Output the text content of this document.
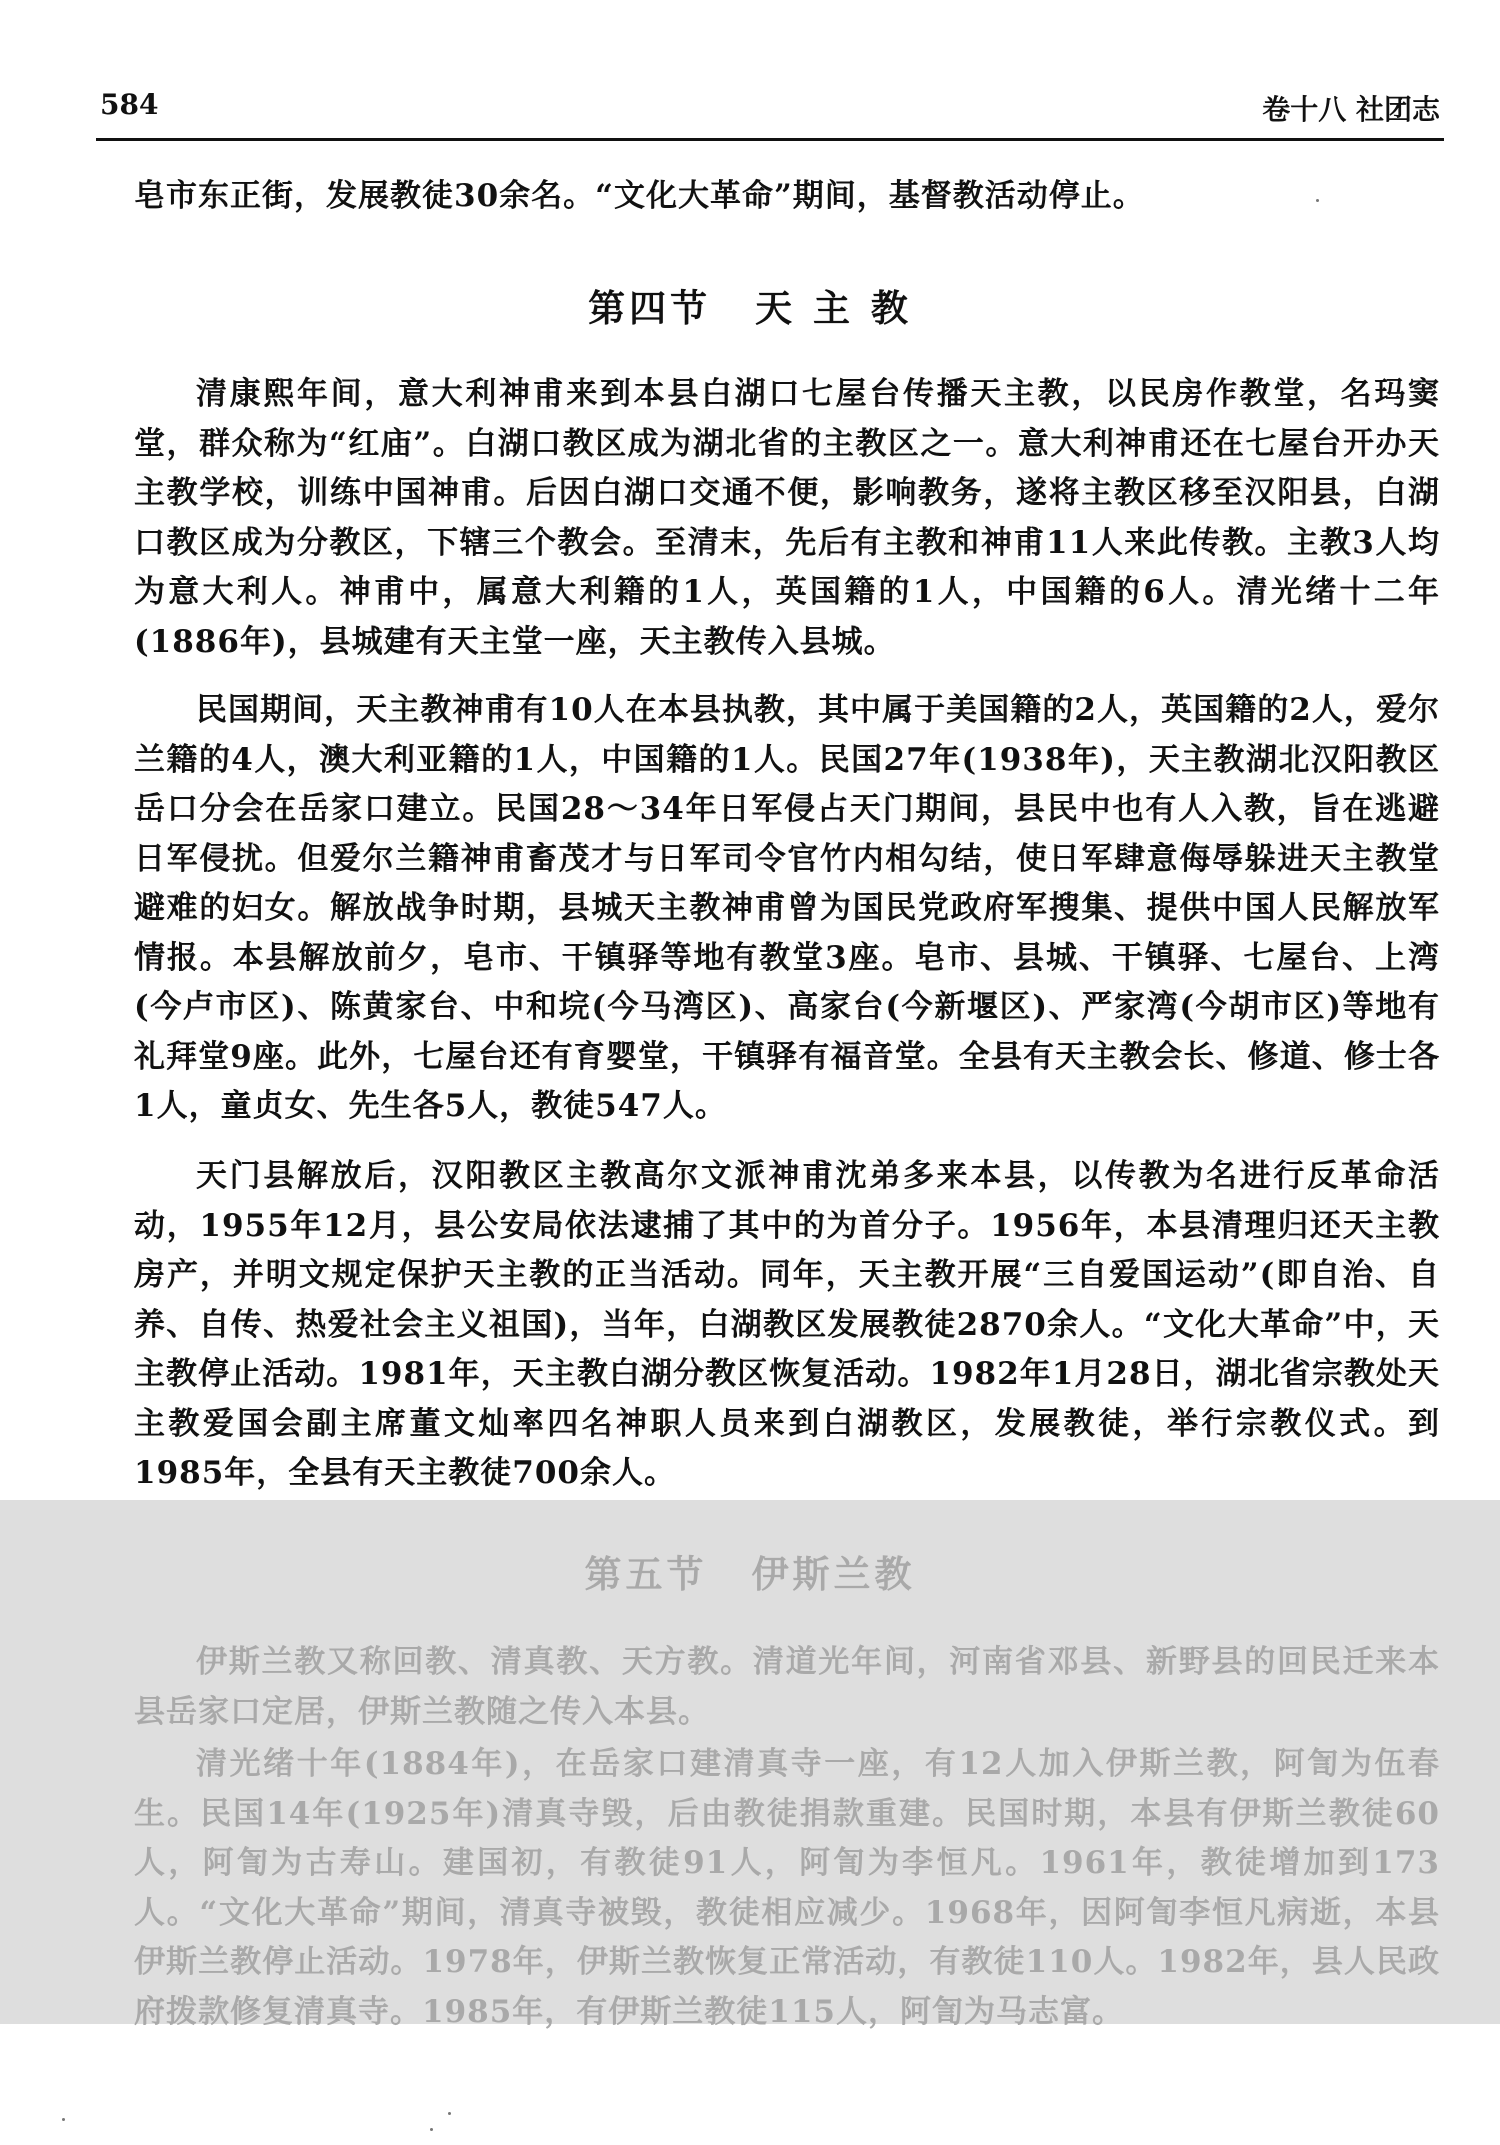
584	卷十八 社团志

皂市东正街，发展教徒30余名。“文化大革命”期间，基督教活动停止。

第四节 天 主 教

清康熙年间，意大利神甫来到本县白湖口七屋台传播天主教，以民房作教堂，名玛窦堂，群众称为“红庙”。白湖口教区成为湖北省的主教区之一。意大利神甫还在七屋台开办天主教学校，训练中国神甫。后因白湖口交通不便，影响教务，遂将主教区移至汉阳县，白湖口教区成为分教区，下辖三个教会。至清末，先后有主教和神甫11人来此传教。主教3人均为意大利人。神甫中，属意大利籍的1人，英国籍的1人，中国籍的6人。清光绪十二年(1886年)，县城建有天主堂一座，天主教传入县城。

民国期间，天主教神甫有10人在本县执教，其中属于美国籍的2人，英国籍的2人，爱尔兰籍的4人，澳大利亚籍的1人，中国籍的1人。民国27年(1938年)，天主教湖北汉阳教区岳口分会在岳家口建立。民国28～34年日军侵占天门期间，县民中也有人入教，旨在逃避日军侵扰。但爱尔兰籍神甫畜茂才与日军司令官竹内相勾结，使日军肆意侮辱躲进天主教堂避难的妇女。解放战争时期，县城天主教神甫曾为国民党政府军搜集、提供中国人民解放军情报。本县解放前夕，皂市、干镇驿等地有教堂3座。皂市、县城、干镇驿、七屋台、上湾(今卢市区)、陈黄家台、中和垸(今马湾区)、高家台(今新堰区)、严家湾(今胡市区)等地有礼拜堂9座。此外，七屋台还有育婴堂，干镇驿有福音堂。全县有天主教会长、修道、修士各1人，童贞女、先生各5人，教徒547人。

天门县解放后，汉阳教区主教高尔文派神甫沈弟多来本县，以传教为名进行反革命活动，1955年12月，县公安局依法逮捕了其中的为首分子。1956年，本县清理归还天主教房产，并明文规定保护天主教的正当活动。同年，天主教开展“三自爱国运动”(即自治、自养、自传、热爱社会主义祖国)，当年，白湖教区发展教徒2870余人。“文化大革命”中，天主教停止活动。1981年，天主教白湖分教区恢复活动。1982年1月28日，湖北省宗教处天主教爱国会副主席董文灿率四名神职人员来到白湖教区，发展教徒，举行宗教仪式。到1985年，全县有天主教徒700余人。

第五节 伊斯兰教

伊斯兰教又称回教、清真教、天方教。清道光年间，河南省邓县、新野县的回民迁来本县岳家口定居，伊斯兰教随之传入本县。

清光绪十年(1884年)，在岳家口建清真寺一座，有12人加入伊斯兰教，阿訇为伍春生。民国14年(1925年)清真寺毁，后由教徒捐款重建。民国时期，本县有伊斯兰教徒60人，阿訇为古寿山。建国初，有教徒91人，阿訇为李恒凡。1961年，教徒增加到173人。“文化大革命”期间，清真寺被毁，教徒相应减少。1968年，因阿訇李恒凡病逝，本县伊斯兰教停止活动。1978年，伊斯兰教恢复正常活动，有教徒110人。1982年，县人民政府拨款修复清真寺。1985年，有伊斯兰教徒115人，阿訇为马志富。
